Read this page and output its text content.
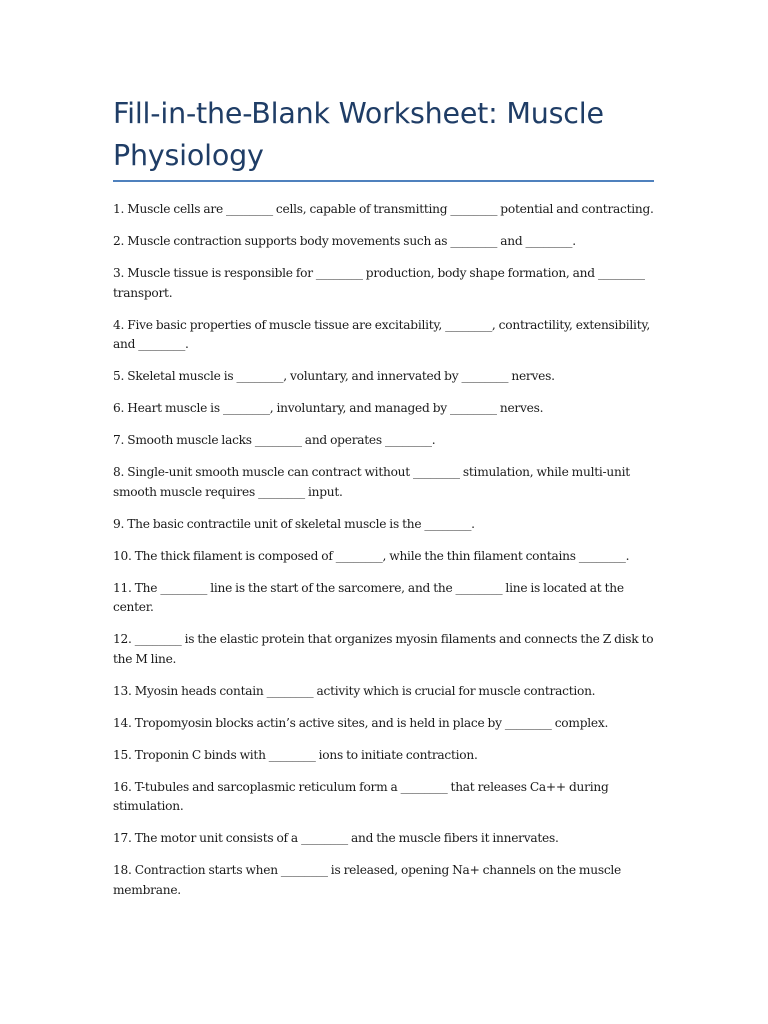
Fill-in-the-Blank Worksheet: Muscle Physiology
1. Muscle cells are ________ cells, capable of transmitting ________ potential and contracting.
2. Muscle contraction supports body movements such as ________ and ________.
3. Muscle tissue is responsible for ________ production, body shape formation, and ________ transport.
4. Five basic properties of muscle tissue are excitability, ________, contractility, extensibility, and ________.
5. Skeletal muscle is ________, voluntary, and innervated by ________ nerves.
6. Heart muscle is ________, involuntary, and managed by ________ nerves.
7. Smooth muscle lacks ________ and operates ________.
8. Single-unit smooth muscle can contract without ________ stimulation, while multi-unit smooth muscle requires ________ input.
9. The basic contractile unit of skeletal muscle is the ________.
10. The thick filament is composed of ________, while the thin filament contains ________.
11. The ________ line is the start of the sarcomere, and the ________ line is located at the center.
12. ________ is the elastic protein that organizes myosin filaments and connects the Z disk to the M line.
13. Myosin heads contain ________ activity which is crucial for muscle contraction.
14. Tropomyosin blocks actin’s active sites, and is held in place by ________ complex.
15. Troponin C binds with ________ ions to initiate contraction.
16. T-tubules and sarcoplasmic reticulum form a ________ that releases Ca++ during stimulation.
17. The motor unit consists of a ________ and the muscle fibers it innervates.
18. Contraction starts when ________ is released, opening Na+ channels on the muscle membrane.
